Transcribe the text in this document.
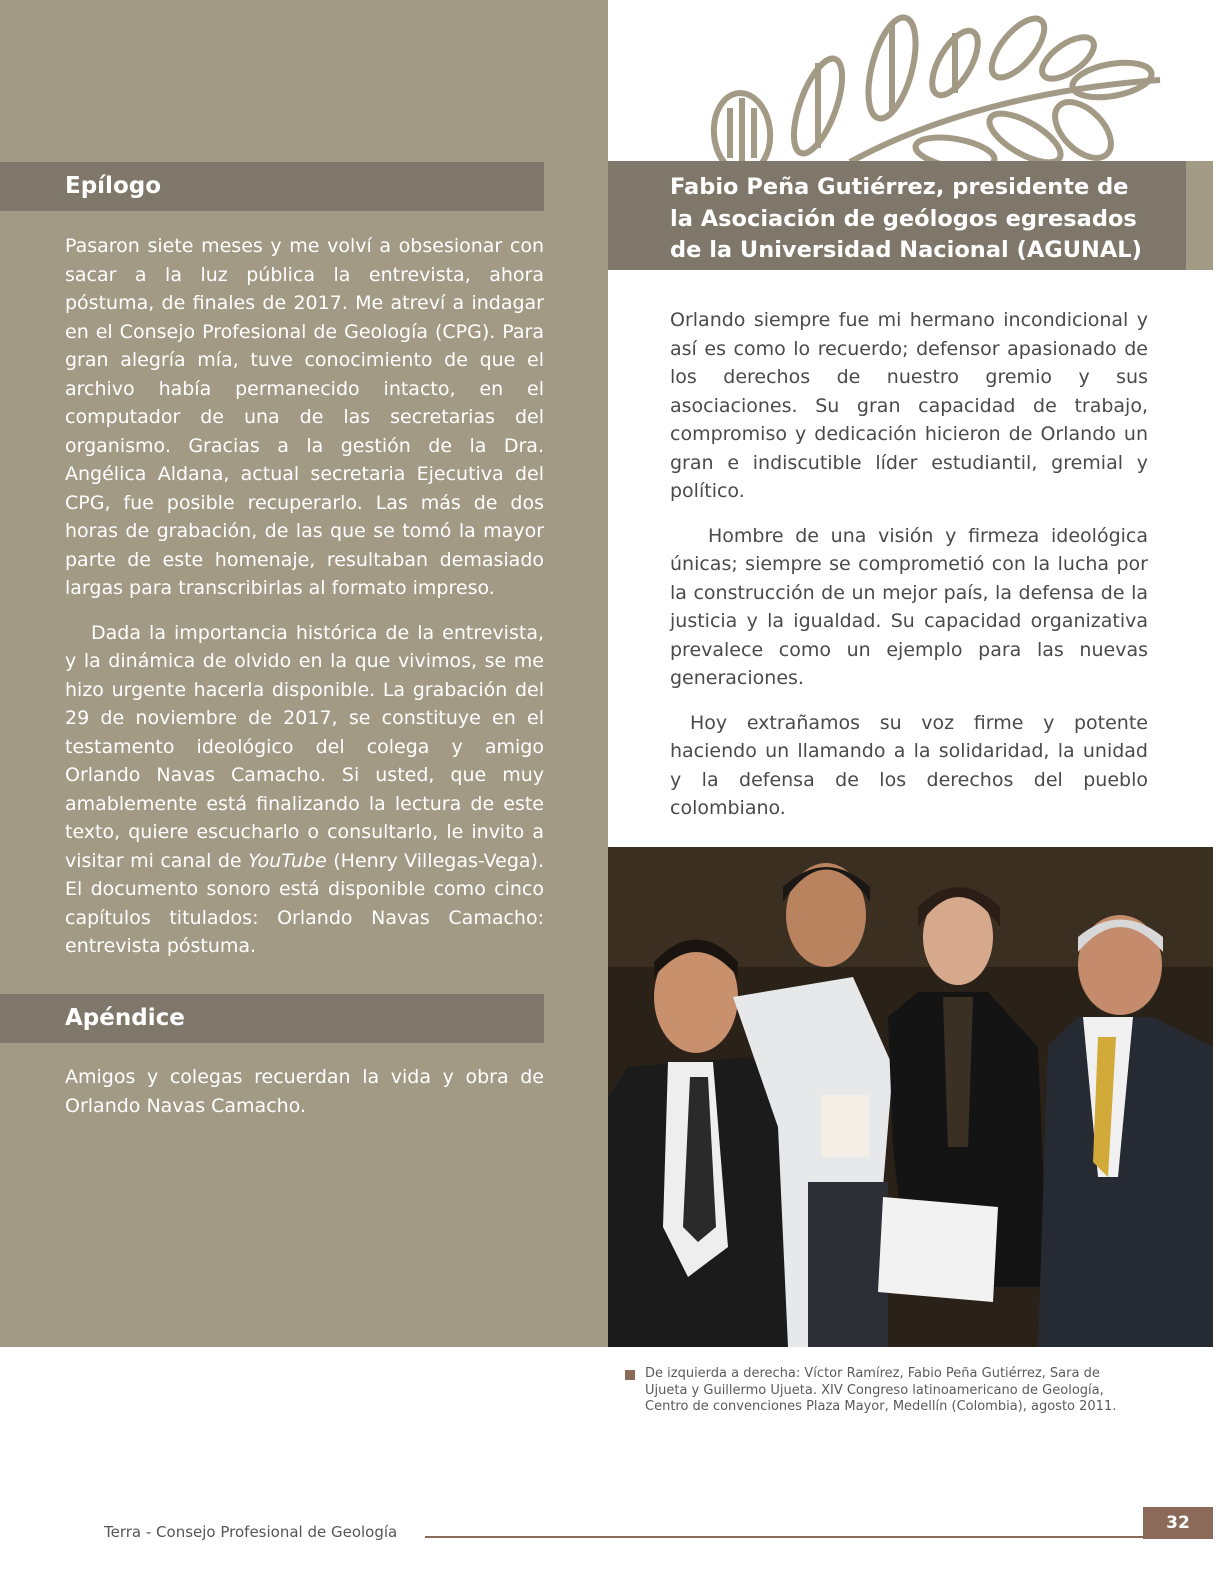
Epílogo

Pasaron siete meses y me volví a obsesionar con sacar a la luz pública la entrevista, ahora póstuma, de finales de 2017. Me atreví a indagar en el Consejo Profesional de Geología (CPG). Para gran alegría mía, tuve conocimiento de que el archivo había permanecido intacto, en el computador de una de las secretarias del organismo. Gracias a la gestión de la Dra. Angélica Aldana, actual secretaria Ejecutiva del CPG, fue posible recuperarlo. Las más de dos horas de grabación, de las que se tomó la mayor parte de este homenaje, resultaban demasiado largas para transcribirlas al formato impreso.

Dada la importancia histórica de la entrevista, y la dinámica de olvido en la que vivimos, se me hizo urgente hacerla disponible. La grabación del 29 de noviembre de 2017, se constituye en el testamento ideológico del colega y amigo Orlando Navas Camacho. Si usted, que muy amablemente está finalizando la lectura de este texto, quiere escucharlo o consultarlo, le invito a visitar mi canal de YouTube (Henry Villegas-Vega). El documento sonoro está disponible como cinco capítulos titulados: Orlando Navas Camacho: entrevista póstuma.

Apéndice

Amigos y colegas recuerdan la vida y obra de Orlando Navas Camacho.

Fabio Peña Gutiérrez, presidente de la Asociación de geólogos egresados de la Universidad Nacional (AGUNAL)

Orlando siempre fue mi hermano incondicional y así es como lo recuerdo; defensor apasionado de los derechos de nuestro gremio y sus asociaciones. Su gran capacidad de trabajo, compromiso y dedicación hicieron de Orlando un gran e indiscutible líder estudiantil, gremial y político.

Hombre de una visión y firmeza ideológica únicas; siempre se comprometió con la lucha por la construcción de un mejor país, la defensa de la justicia y la igualdad. Su capacidad organizativa prevalece como un ejemplo para las nuevas generaciones.

Hoy extrañamos su voz firme y potente haciendo un llamando a la solidaridad, la unidad y la defensa de los derechos del pueblo colombiano.

De izquierda a derecha: Víctor Ramírez, Fabio Peña Gutiérrez, Sara de Ujueta y Guillermo Ujueta. XIV Congreso latinoamericano de Geología, Centro de convenciones Plaza Mayor, Medellín (Colombia), agosto 2011.
Terra - Consejo Profesional de Geología	32
